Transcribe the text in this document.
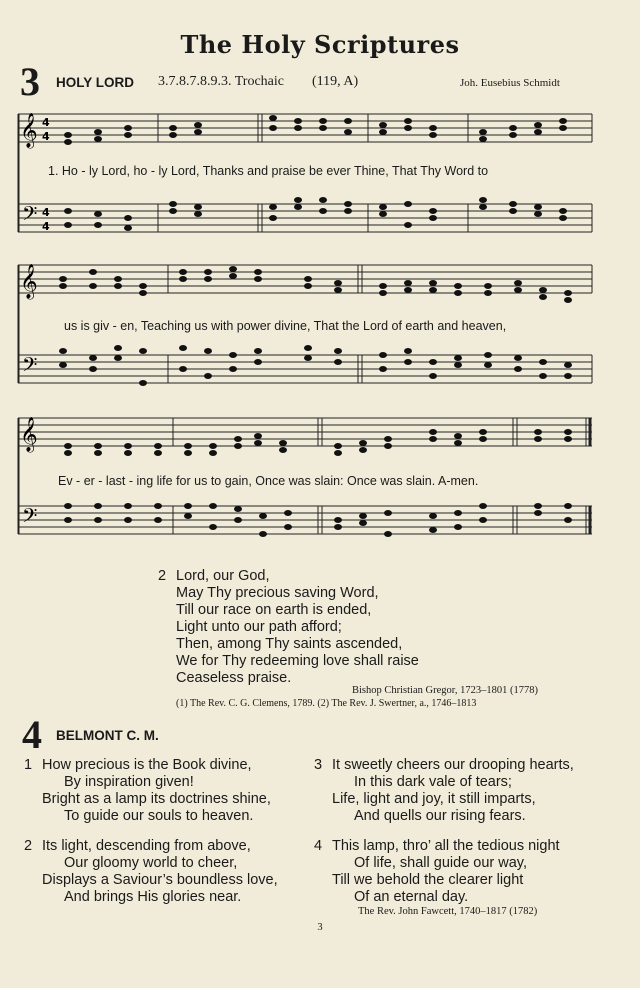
The Holy Scriptures
3 HOLY LORD 3.7.8.7.8.9.3. Trochaic (119, A)	Joh. Eusebius Schmidt
𝄞
𝄢
4
4
4
4
1. Ho - ly Lord, ho - ly Lord, Thanks and praise be ever Thine, That Thy Word to
𝄞
𝄢
us is giv - en, Teaching us with power divine, That the Lord of earth and heaven,
𝄞
𝄢
Ev - er - last - ing life for us to gain, Once was slain: Once was slain. A-men.
2 Lord, our God,
May Thy precious saving Word,
Till our race on earth is ended,
Light unto our path afford;
Then, among Thy saints ascended,
We for Thy redeeming love shall raise
Ceaseless praise.
Bishop Christian Gregor, 1723–1801 (1778)
(1) The Rev. C. G. Clemens, 1789. (2) The Rev. J. Swertner, a., 1746–1813
4 BELMONT C. M.
1 How precious is the Book divine,
By inspiration given!
Bright as a lamp its doctrines shine,
To guide our souls to heaven.
2 Its light, descending from above,
Our gloomy world to cheer,
Displays a Saviour’s boundless love,
And brings His glories near.
3 It sweetly cheers our drooping hearts,
In this dark vale of tears;
Life, light and joy, it still imparts,
And quells our rising fears.
4 This lamp, thro’ all the tedious night
Of life, shall guide our way,
Till we behold the clearer light
Of an eternal day.
The Rev. John Fawcett, 1740–1817 (1782)
3
